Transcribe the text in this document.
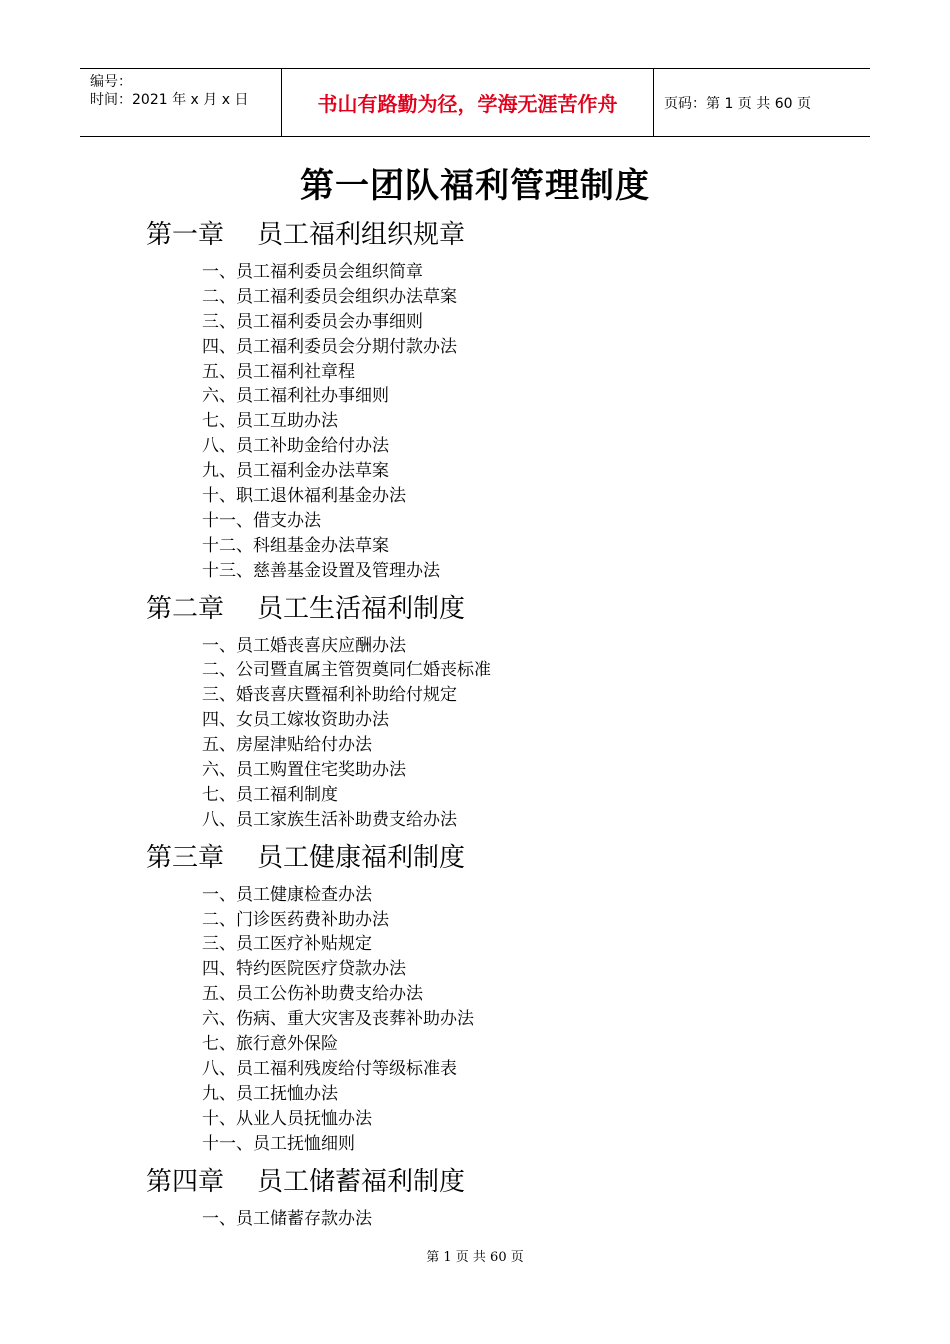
编号：
时间：2021 年 x 月 x 日	书山有路勤为径，学海无涯苦作舟	页码：第 1 页 共 60 页
第一团队福利管理制度
第一章    员工福利组织规章
一、员工福利委员会组织简章
二、员工福利委员会组织办法草案
三、员工福利委员会办事细则
四、员工福利委员会分期付款办法
五、员工福利社章程
六、员工福利社办事细则
七、员工互助办法
八、员工补助金给付办法
九、员工福利金办法草案
十、职工退休福利基金办法
十一、借支办法
十二、科组基金办法草案
十三、慈善基金设置及管理办法
第二章    员工生活福利制度
一、员工婚丧喜庆应酬办法
二、公司暨直属主管贺奠同仁婚丧标准
三、婚丧喜庆暨福利补助给付规定
四、女员工嫁妆资助办法
五、房屋津贴给付办法
六、员工购置住宅奖助办法
七、员工福利制度
八、员工家族生活补助费支给办法
第三章    员工健康福利制度
一、员工健康检查办法
二、门诊医药费补助办法
三、员工医疗补贴规定
四、特约医院医疗贷款办法
五、员工公伤补助费支给办法
六、伤病、重大灾害及丧葬补助办法
七、旅行意外保险
八、员工福利残废给付等级标准表
九、员工抚恤办法
十、从业人员抚恤办法
十一、员工抚恤细则
第四章    员工储蓄福利制度
一、员工储蓄存款办法
第 1 页 共 60 页
